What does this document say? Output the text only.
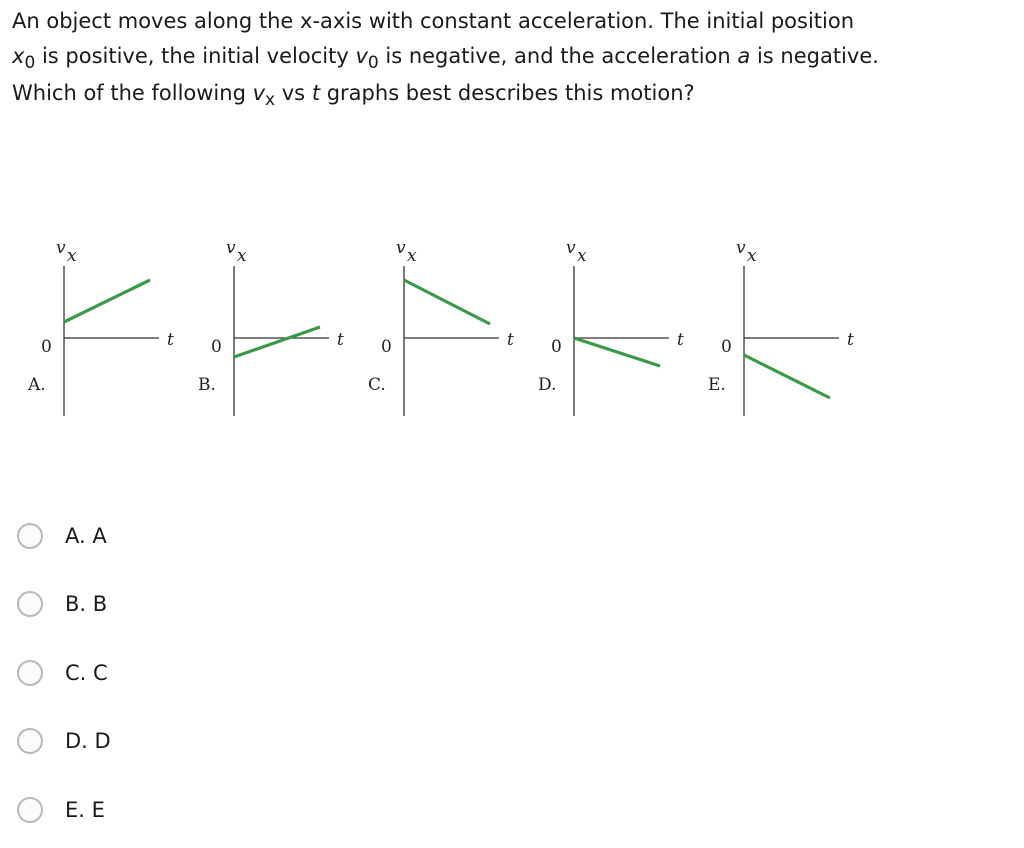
An object moves along the x-axis with constant acceleration. The initial position
$x_0$ is positive, the initial velocity $v_0$ is negative, and the acceleration a is negative.
Which of the following $v_x$ vs t graphs best describes this motion?
v x
t
0
A.
v x
t
0
B.
v x
t
0
C.
v x
t
0
D.
v x
t
0
E.
A. A
B. B
C. C
D. D
E. E
